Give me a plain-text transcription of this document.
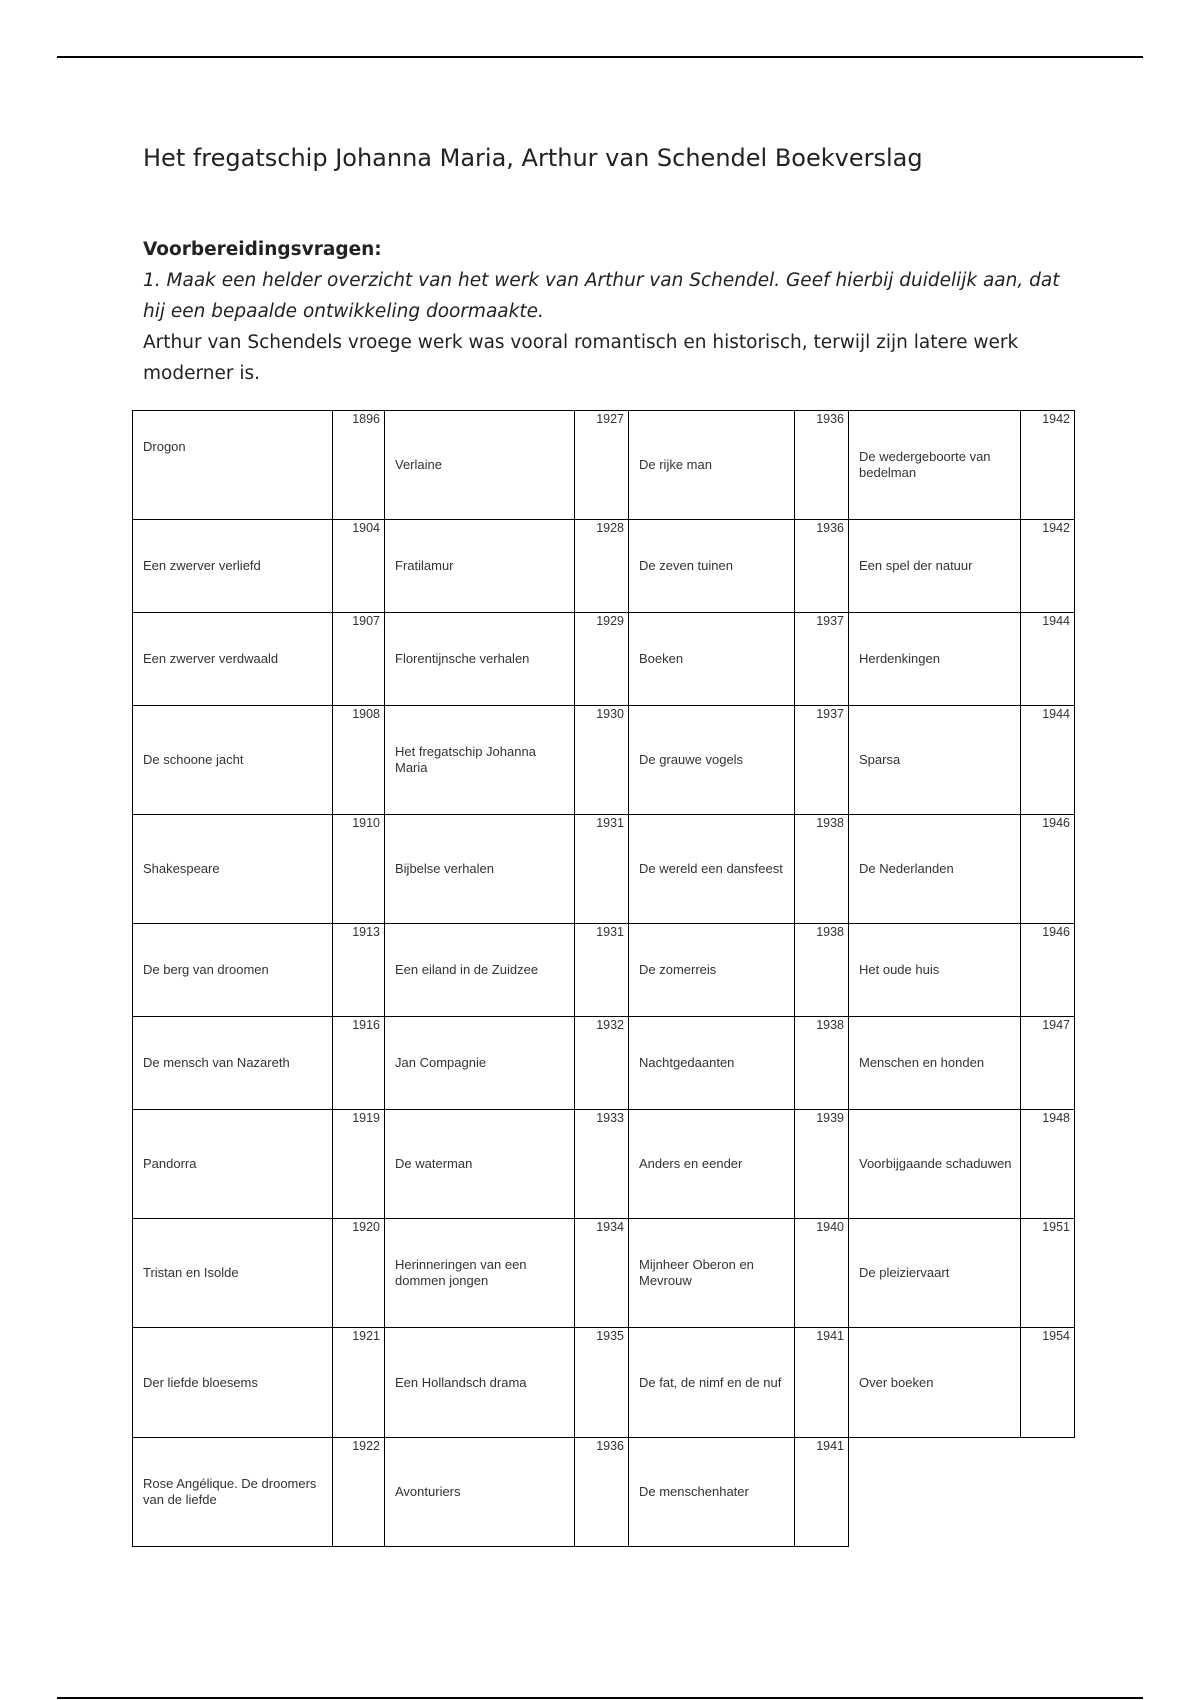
Het fregatschip Johanna Maria, Arthur van Schendel Boekverslag

Voorbereidingsvragen:

1. Maak een helder overzicht van het werk van Arthur van Schendel. Geef hierbij duidelijk aan, dat hij een bepaalde ontwikkeling doormaakte.

Arthur van Schendels vroege werk was vooral romantisch en historisch, terwijl zijn latere werk moderner is.

Drogon	1896	Verlaine	1927	De rijke man	1936	De wedergeboorte van bedelman	1942

Een zwerver verliefd	1904	Fratilamur	1928	De zeven tuinen	1936	Een spel der natuur	1942

Een zwerver verdwaald	1907	Florentijnsche verhalen	1929	Boeken	1937	Herdenkingen	1944

De schoone jacht	1908	Het fregatschip Johanna Maria	1930	De grauwe vogels	1937	Sparsa	1944

Shakespeare	1910	Bijbelse verhalen	1931	De wereld een dansfeest	1938	De Nederlanden	1946

De berg van droomen	1913	Een eiland in de Zuidzee	1931	De zomerreis	1938	Het oude huis	1946

De mensch van Nazareth	1916	Jan Compagnie	1932	Nachtgedaanten	1938	Menschen en honden	1947

Pandorra	1919	De waterman	1933	Anders en eender	1939	Voorbijgaande schaduwen	1948

Tristan en Isolde	1920	Herinneringen van een dommen jongen	1934	Mijnheer Oberon en Mevrouw	1940	De pleiziervaart	1951

Der liefde bloesems	1921	Een Hollandsch drama	1935	De fat, de nimf en de nuf	1941	Over boeken	1954

Rose Angélique. De droomers van de liefde	1922	Avonturiers	1936	De menschenhater	1941		
